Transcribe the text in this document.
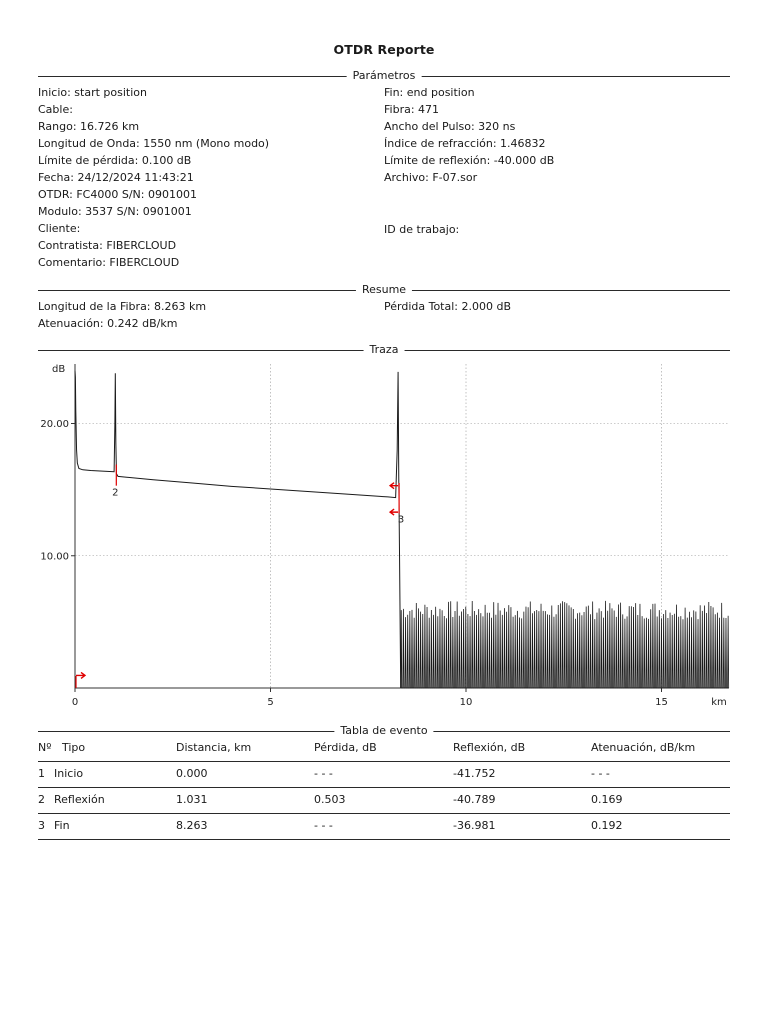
OTDR Reporte
Parámetros
Inicio: start position
Cable:
Rango: 16.726 km
Longitud de Onda: 1550 nm (Mono modo)
Límite de pérdida: 0.100 dB
Fecha: 24/12/2024 11:43:21
OTDR: FC4000 S/N: 0901001
Modulo: 3537 S/N: 0901001
Cliente:
Contratista: FIBERCLOUD
Comentario: FIBERCLOUD
Fin: end position
Fibra: 471
Ancho del Pulso: 320 ns
Índice de refracción: 1.46832
Límite de reflexión: -40.000 dB
Archivo: F-07.sor
ID de trabajo:
Resume
Longitud de la Fibra: 8.263 km
Atenuación: 0.242 dB/km
Pérdida Total: 2.000 dB
Traza
10.00
20.00
dB
0	5	10	15	km
2
3
Tabla de evento
Nº Tipo	Distancia, km	Pérdida, dB	Reflexión, dB	Atenuación, dB/km
1 Inicio	0.000	- - -	-41.752	- - -
2 Reflexión	1.031	0.503	-40.789	0.169
3 Fin	8.263	- - -	-36.981	0.192
